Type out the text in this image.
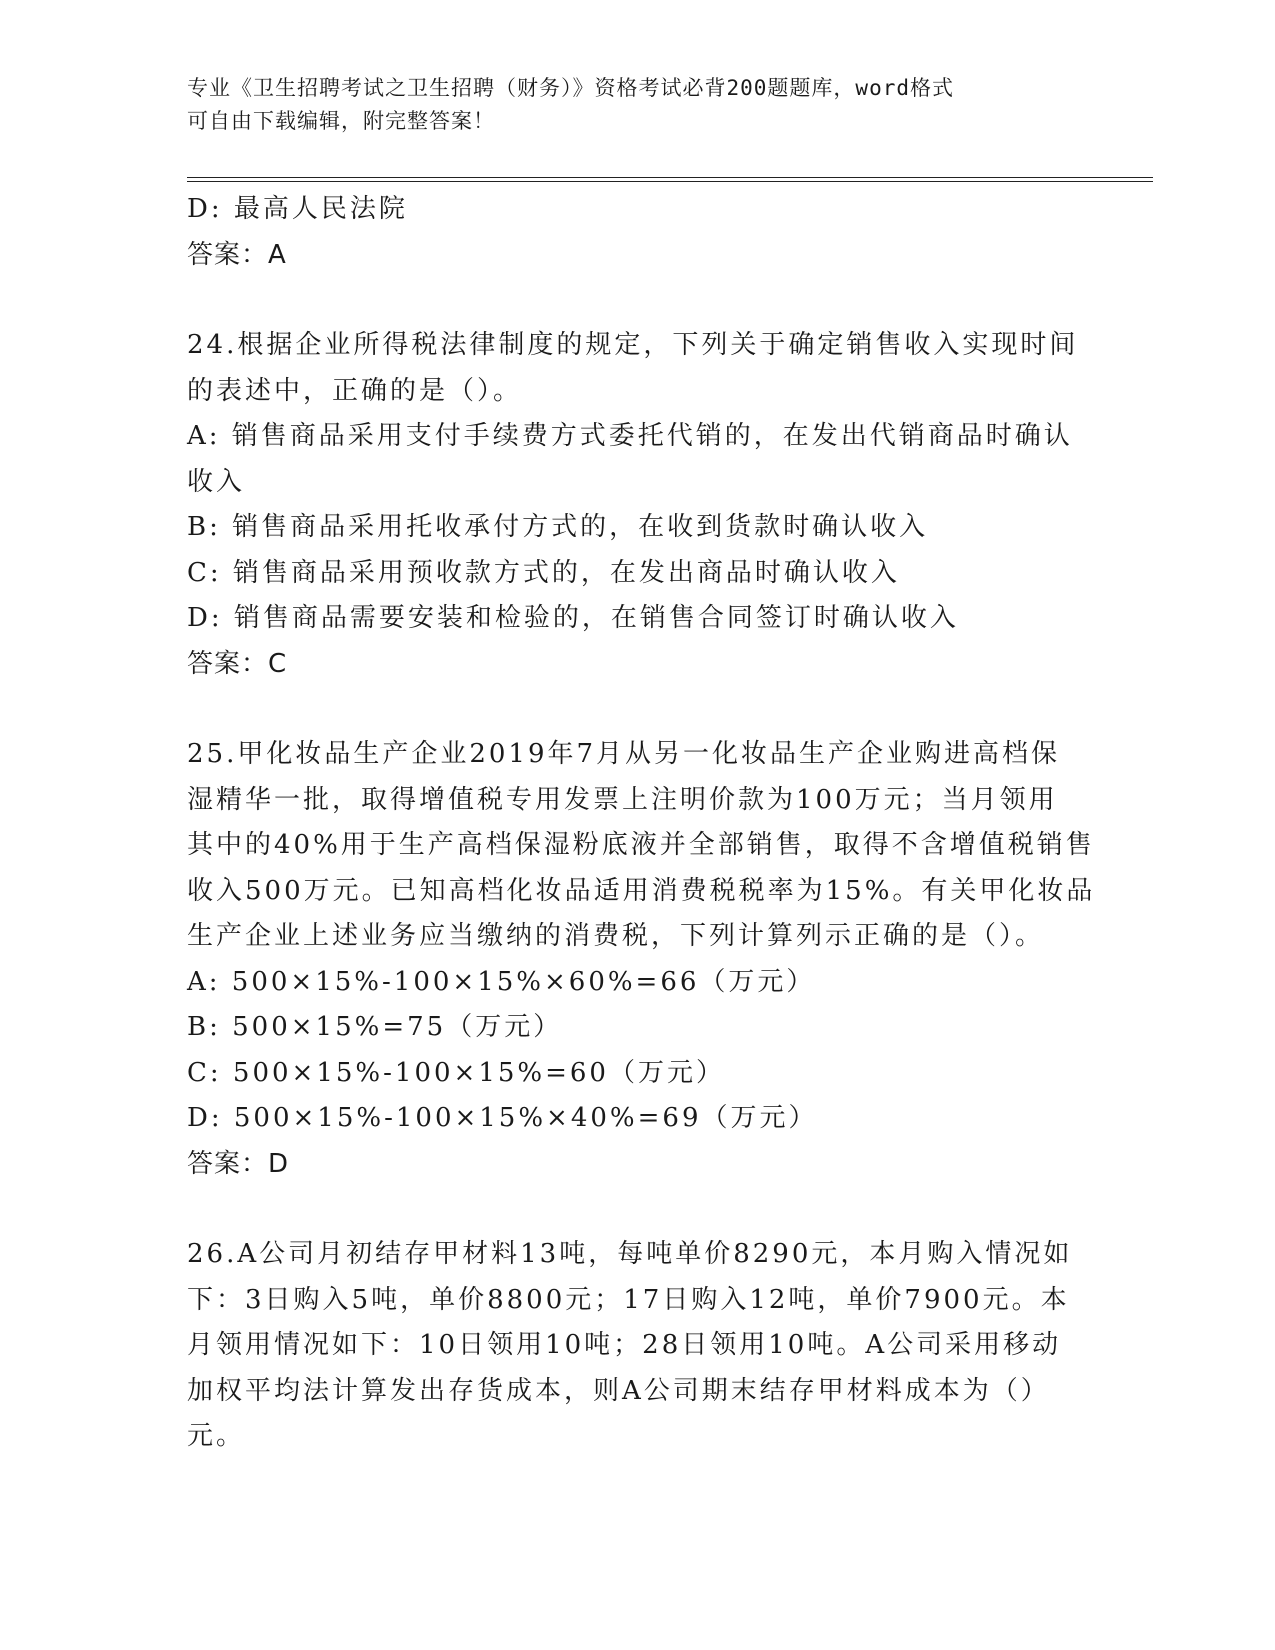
专业《卫生招聘考试之卫生招聘（财务）》资格考试必背200题题库，word格式
可自由下载编辑，附完整答案！

D: 最高人民法院

答案：A

24.根据企业所得税法律制度的规定，下列关于确定销售收入实现时间

的表述中，正确的是（）。

A: 销售商品采用支付手续费方式委托代销的，在发出代销商品时确认

收入

B: 销售商品采用托收承付方式的，在收到货款时确认收入

C: 销售商品采用预收款方式的，在发出商品时确认收入

D: 销售商品需要安装和检验的，在销售合同签订时确认收入

答案：C

25.甲化妆品生产企业2019年7月从另一化妆品生产企业购进高档保

湿精华一批，取得增值税专用发票上注明价款为100万元；当月领用

其中的40%用于生产高档保湿粉底液并全部销售，取得不含增值税销售

收入500万元。已知高档化妆品适用消费税税率为15%。有关甲化妆品

生产企业上述业务应当缴纳的消费税，下列计算列示正确的是（）。

A: 500×15%-100×15%×60%=66（万元）

B: 500×15%=75（万元）

C: 500×15%-100×15%=60（万元）

D: 500×15%-100×15%×40%=69（万元）

答案：D

26.A公司月初结存甲材料13吨，每吨单价8290元，本月购入情况如

下：3日购入5吨，单价8800元；17日购入12吨，单价7900元。本

月领用情况如下：10日领用10吨；28日领用10吨。A公司采用移动

加权平均法计算发出存货成本，则A公司期末结存甲材料成本为（）

元。
